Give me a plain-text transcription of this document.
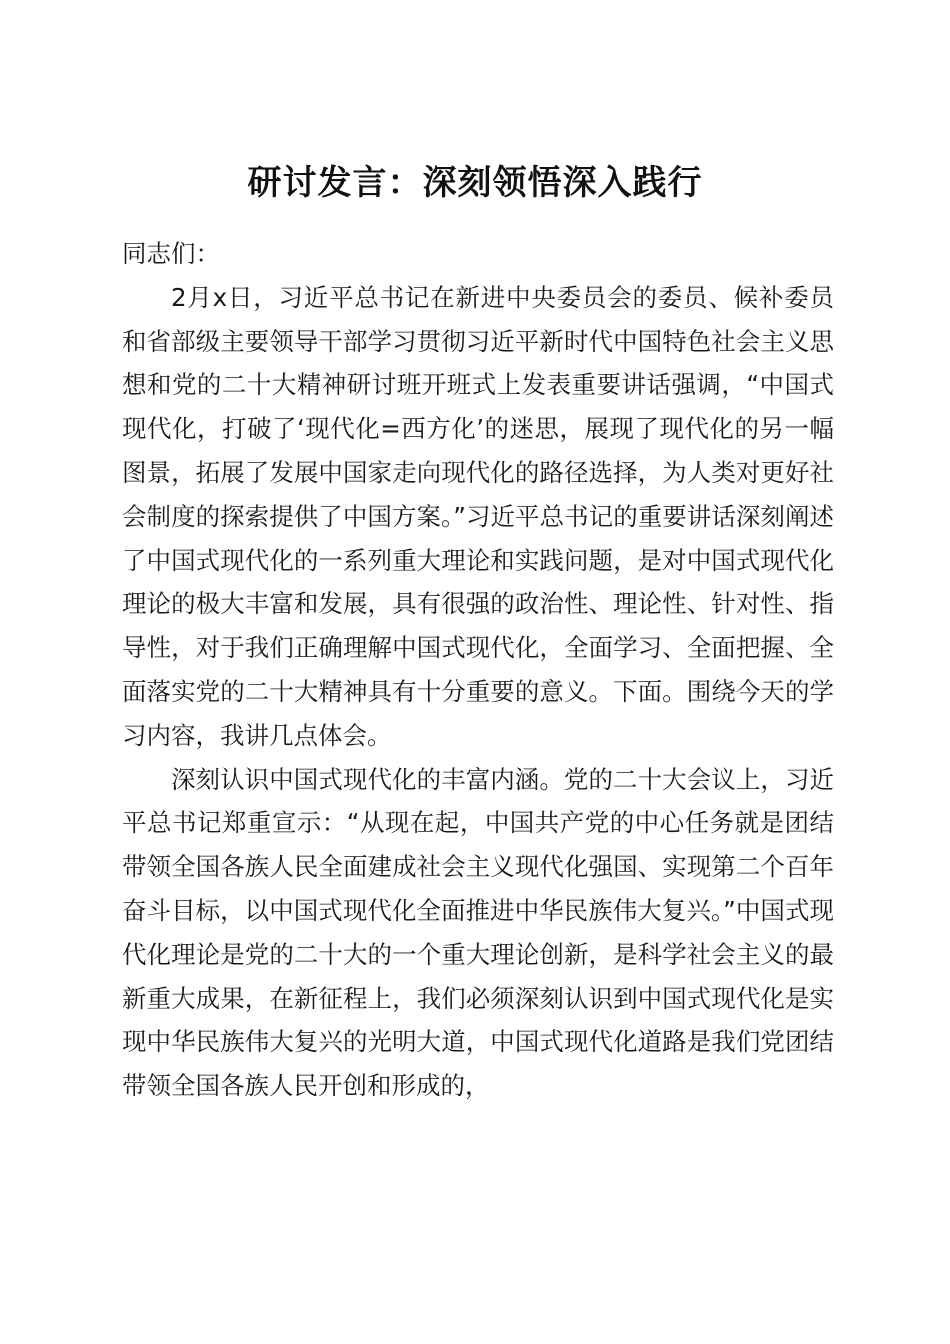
研讨发言：深刻领悟深入践行

同志们：

2月x日，习近平总书记在新进中央委员会的委员、候补委员和省部级主要领导干部学习贯彻习近平新时代中国特色社会主义思想和党的二十大精神研讨班开班式上发表重要讲话强调，“中国式现代化，打破了‘现代化=西方化’的迷思，展现了现代化的另一幅图景，拓展了发展中国家走向现代化的路径选择，为人类对更好社会制度的探索提供了中国方案。”习近平总书记的重要讲话深刻阐述了中国式现代化的一系列重大理论和实践问题，是对中国式现代化理论的极大丰富和发展，具有很强的政治性、理论性、针对性、指导性，对于我们正确理解中国式现代化，全面学习、全面把握、全面落实党的二十大精神具有十分重要的意义。下面。围绕今天的学习内容，我讲几点体会。

深刻认识中国式现代化的丰富内涵。党的二十大会议上，习近平总书记郑重宣示：“从现在起，中国共产党的中心任务就是团结带领全国各族人民全面建成社会主义现代化强国、实现第二个百年奋斗目标，以中国式现代化全面推进中华民族伟大复兴。”中国式现代化理论是党的二十大的一个重大理论创新，是科学社会主义的最新重大成果，在新征程上，我们必须深刻认识到中国式现代化是实现中华民族伟大复兴的光明大道，中国式现代化道路是我们党团结带领全国各族人民开创和形成的，
